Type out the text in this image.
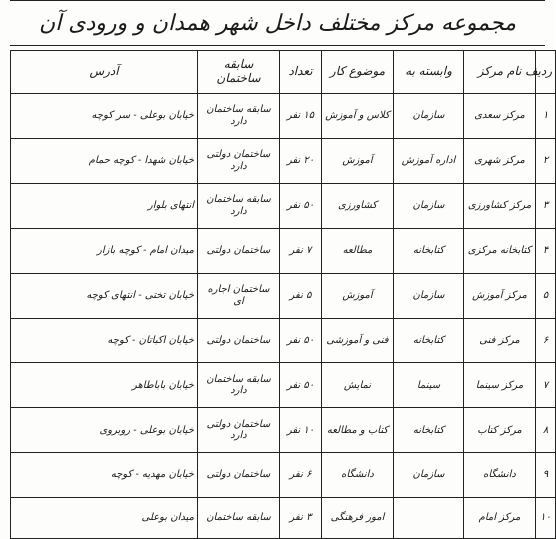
مجموعه مرکز مختلف داخل شهر همدان و ورودی آن
ردیف	نام مرکز	وابسته به	موضوع کار	تعداد	سابقه ساختمان	آدرس
۱	مرکز سعدی	سازمان	کلاس و آموزش	۱۵ نفر	سابقه ساختمان دارد	خیابان بوعلی - سر کوچه
۲	مرکز شهری	اداره آموزش	آموزش	۲۰ نفر	ساختمان دولتی دارد	خیابان شهدا - کوچه حمام
۳	مرکز کشاورزی	سازمان	کشاورزی	۵۰ نفر	سابقه ساختمان دارد	انتهای بلوار
۴	کتابخانه مرکزی	کتابخانه	مطالعه	۷ نفر	ساختمان دولتی	میدان امام - کوچه بازار
۵	مرکز آموزش	سازمان	آموزش	۵ نفر	ساختمان اجاره ای	خیابان تختی - انتهای کوچه
۶	مرکز فنی	کتابخانه	فنی و آموزشی	۵۰ نفر	ساختمان دولتی	خیابان اکباتان - کوچه
۷	مرکز سینما	سینما	نمایش	۵۰ نفر	سابقه ساختمان دارد	خیابان باباطاهر
۸	مرکز کتاب	کتابخانه	کتاب و مطالعه	۱۰ نفر	ساختمان دولتی دارد	خیابان بوعلی - روبروی
۹	دانشگاه	سازمان	دانشگاه	۶ نفر	ساختمان دولتی	خیابان مهدیه - کوچه
۱۰	مرکز امام		امور فرهنگی	۳ نفر	سابقه ساختمان	میدان بوعلی
